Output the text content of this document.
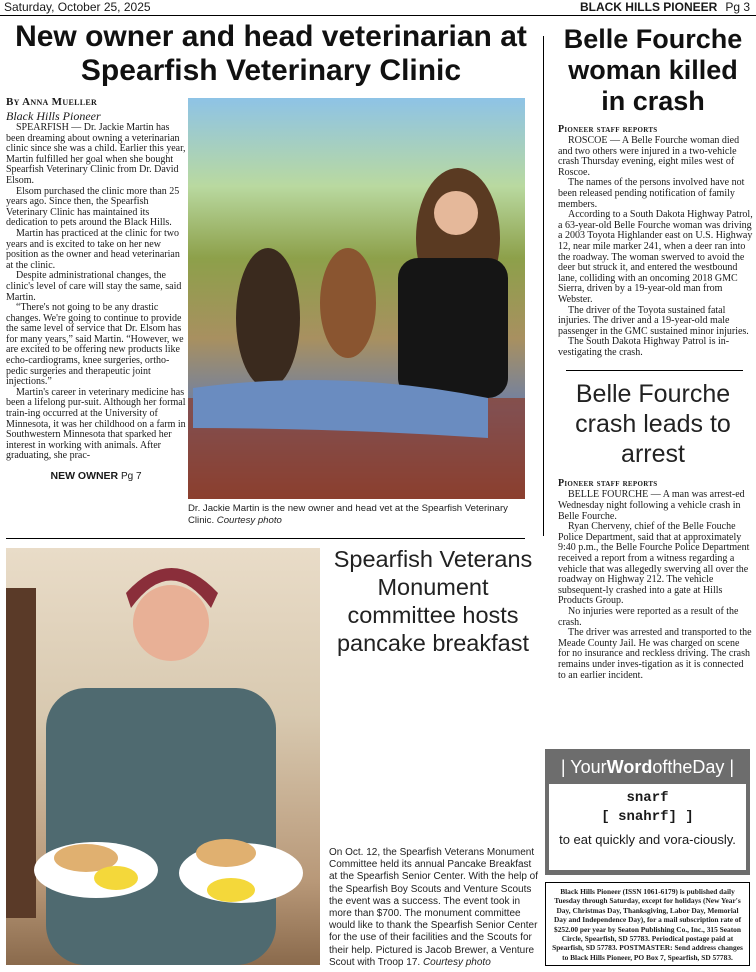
Saturday, October 25, 2025	BLACK HILLS PIONEER Pg 3
New owner and head veterinarian at Spearfish Veterinary Clinic
By Anna Mueller
Black Hills Pioneer

SPEARFISH — Dr. Jackie Martin has been dreaming about owning a veterinarian clinic since she was a child. Earlier this year, Martin fulfilled her goal when she bought Spearfish Veterinary Clinic from Dr. David Elsom.

Elsom purchased the clinic more than 25 years ago. Since then, the Spearfish Veterinary Clinic has maintained its dedication to pets around the Black Hills.

Martin has practiced at the clinic for two years and is excited to take on her new position as the owner and head veterinarian at the clinic.

Despite administrational changes, the clinic's level of care will stay the same, said Martin.

“There's not going to be any drastic changes. We're going to continue to provide the same level of service that Dr. Elsom has for many years,” said Martin. “However, we are excited to be offering new products like echo-cardiograms, knee surgeries, ortho-pedic surgeries and therapeutic joint injections.”

Martin's career in veterinary medicine has been a lifelong pur-suit. Although her formal train-ing occurred at the University of Minnesota, it was her childhood on a farm in Southwestern Minnesota that sparked her interest in working with animals. After graduating, she prac-

NEW OWNER Pg 7
Dr. Jackie Martin is the new owner and head vet at the Spearfish Veterinary Clinic. Courtesy photo
Spearfish Veterans Monument committee hosts pancake breakfast
On Oct. 12, the Spearfish Veterans Monument Committee held its annual Pancake Breakfast at the Spearfish Senior Center. With the help of the Spearfish Boy Scouts and Venture Scouts the event was a success. The event took in more than $700. The monument committee would like to thank the Spearfish Senior Center for the use of their facilities and the Scouts for their help. Pictured is Jacob Brewer, a Venture Scout with Troop 17. Courtesy photo
Belle Fourche woman killed in crash
Pioneer staff reports

ROSCOE — A Belle Fourche woman died and two others were injured in a two-vehicle crash Thursday evening, eight miles west of Roscoe.

The names of the persons involved have not been released pending notification of family members.

According to a South Dakota Highway Patrol, a 63-year-old Belle Fourche woman was driving a 2003 Toyota Highlander east on U.S. Highway 12, near mile marker 241, when a deer ran into the roadway. The woman swerved to avoid the deer but struck it, and entered the westbound lane, colliding with an oncoming 2018 GMC Sierra, driven by a 19-year-old man from Webster.

The driver of the Toyota sustained fatal injuries. The driver and a 19-year-old male passenger in the GMC sustained minor injuries.

The South Dakota Highway Patrol is in-vestigating the crash.

Belle Fourche crash leads to arrest
Pioneer staff reports

BELLE FOURCHE — A man was arrest-ed Wednesday night following a vehicle crash in Belle Fourche.

Ryan Cherveny, chief of the Belle Fouche Police Department, said that at approximately 9:40 p.m., the Belle Fourche Police Department received a report from a witness regarding a vehicle that was allegedly swerving all over the roadway on Highway 212. The vehicle subsequent-ly crashed into a gate at Hills Products Group.

No injuries were reported as a result of the crash.

The driver was arrested and transported to the Meade County Jail. He was charged on scene for no insurance and reckless driving. The crash remains under inves-tigation as it is connected to an earlier incident.

| YourWordoftheDay |
snarf
[ snahrf] ]
to eat quickly and vora-ciously.
Black Hills Pioneer (ISSN 1061-6179) is published daily Tuesday through Saturday, except for holidays (New Year's Day, Christmas Day, Thanksgiving, Labor Day, Memorial Day and Independence Day), for a mail subscription rate of $252.00 per year by Seaton Publishing Co., Inc., 315 Seaton Circle, Spearfish, SD 57783. Periodical postage paid at Spearfish, SD 57783. POSTMASTER: Send address changes to Black Hills Pioneer, PO Box 7, Spearfish, SD 57783.
